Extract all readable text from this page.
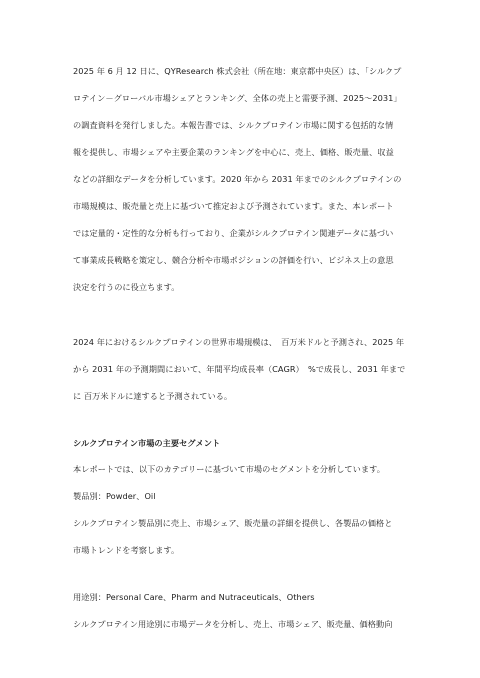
2025 年 6 月 12 日に、QYResearch 株式会社（所在地：東京都中央区）は、「シルクプ
ロテイン－グローバル市場シェアとランキング、全体の売上と需要予測、2025～2031」
の調査資料を発行しました。本報告書では、シルクプロテイン市場に関する包括的な情
報を提供し、市場シェアや主要企業のランキングを中心に、売上、価格、販売量、収益
などの詳細なデータを分析しています。2020 年から 2031 年までのシルクプロテインの
市場規模は、販売量と売上に基づいて推定および予測されています。また、本レポート
では定量的・定性的な分析も行っており、企業がシルクプロテイン関連データに基づい
て事業成長戦略を策定し、競合分析や市場ポジションの評価を行い、ビジネス上の意思
決定を行うのに役立ちます。
2024 年におけるシルクプロテインの世界市場規模は、　百万米ドルと予測され、2025 年
から 2031 年の予測期間において、年間平均成長率（CAGR）　%で成長し、2031 年まで
に 百万米ドルに達すると予測されている。
シルクプロテイン市場の主要セグメント
本レポートでは、以下のカテゴリーに基づいて市場のセグメントを分析しています。
製品別：Powder、Oil
シルクプロテイン製品別に売上、市場シェア、販売量の詳細を提供し、各製品の価格と
市場トレンドを考察します。
用途別：Personal Care、Pharm and Nutraceuticals、Others
シルクプロテイン用途別に市場データを分析し、売上、市場シェア、販売量、価格動向
